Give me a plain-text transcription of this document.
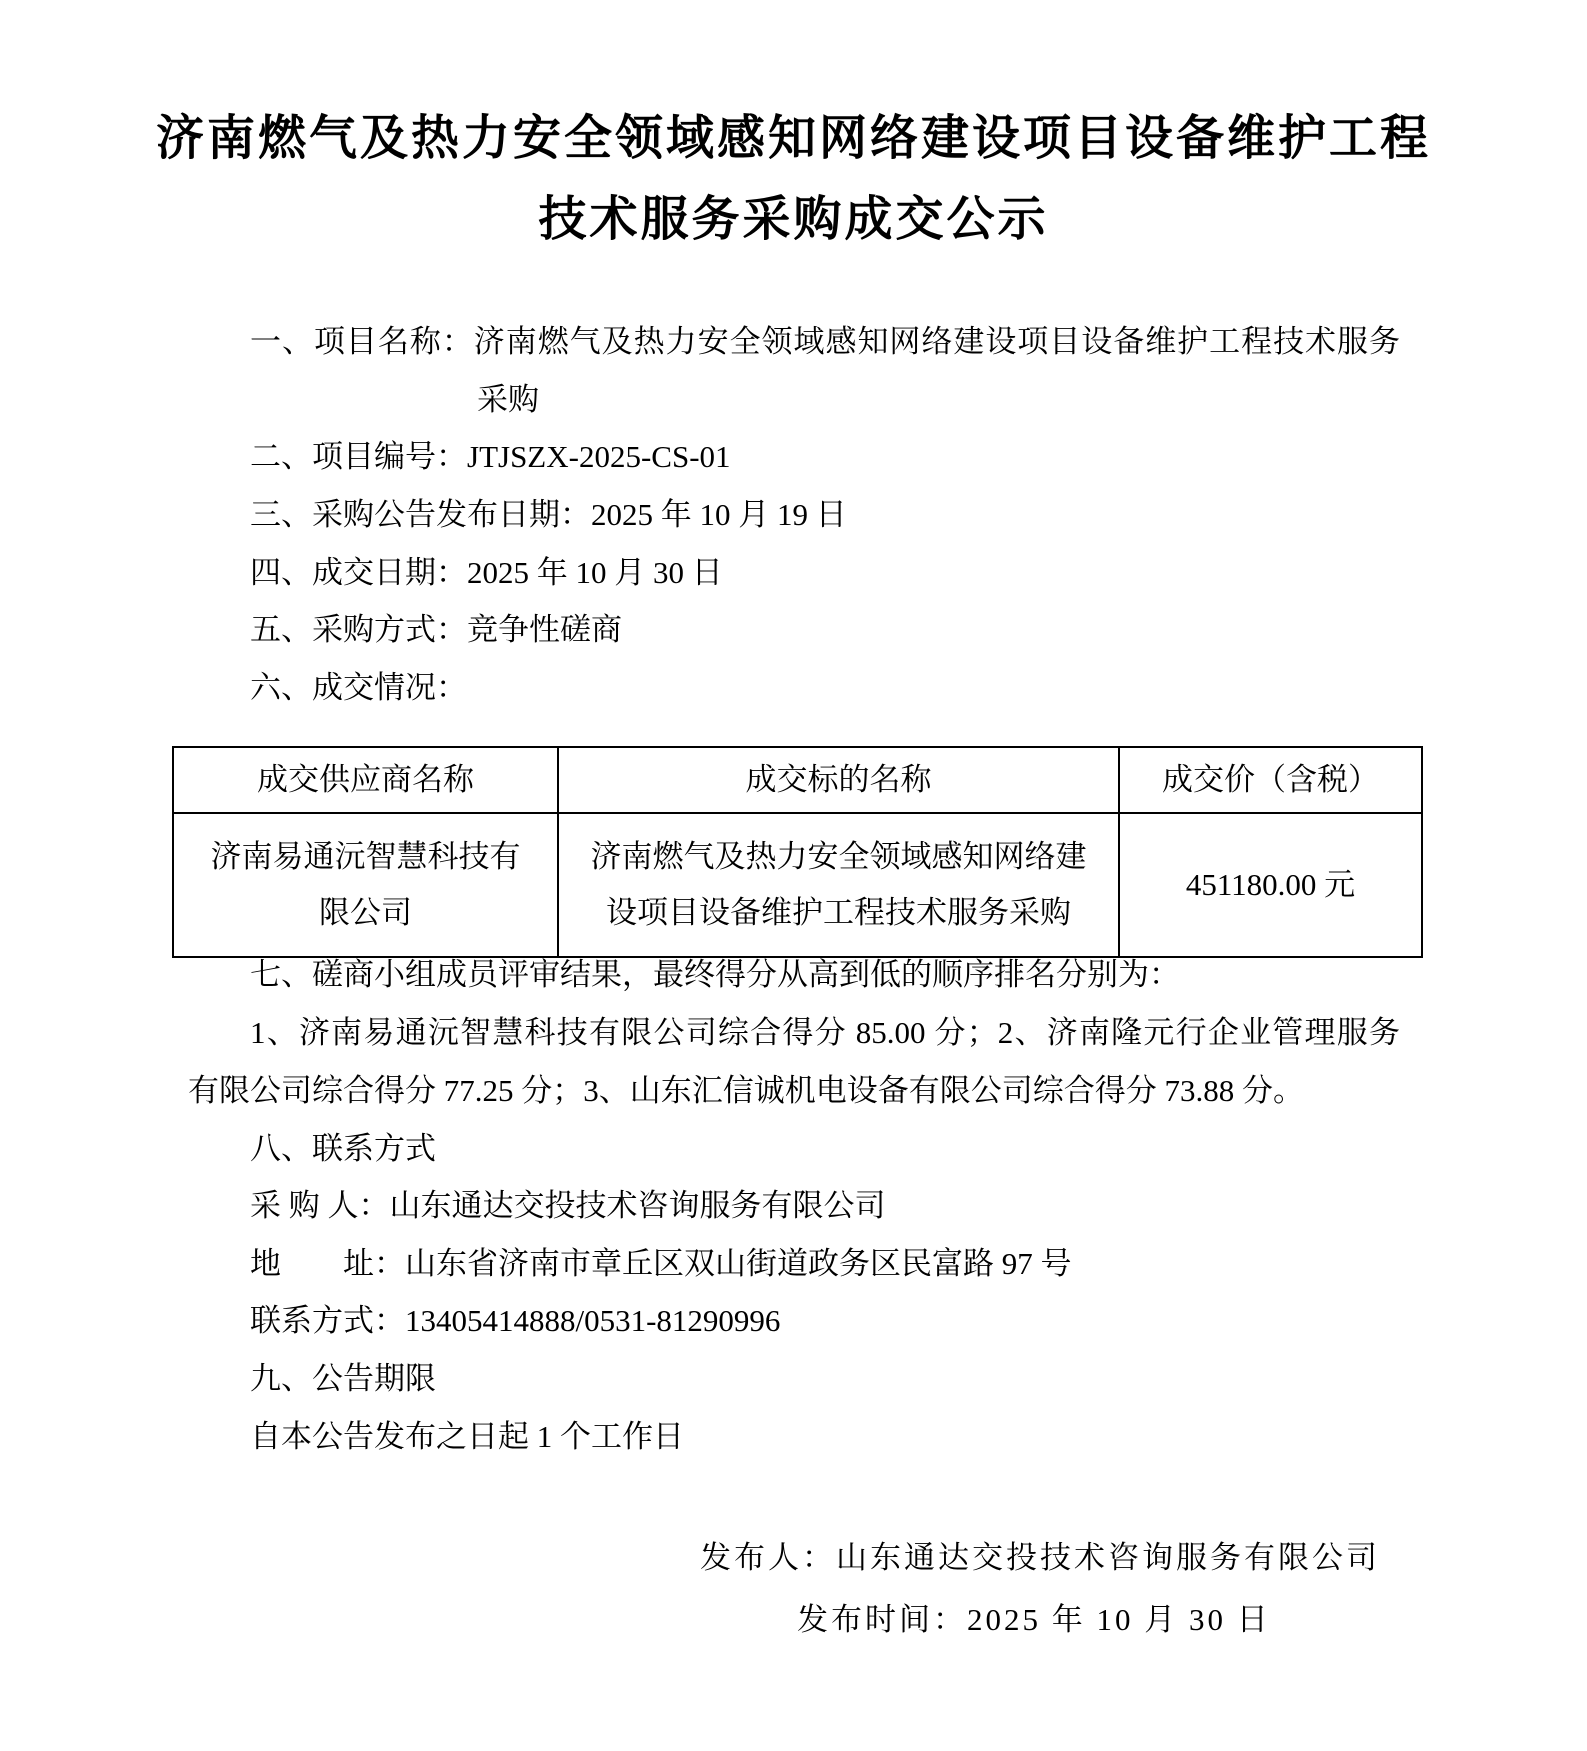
济南燃气及热力安全领域感知网络建设项目设备维护工程
技术服务采购成交公示
一、项目名称：济南燃气及热力安全领域感知网络建设项目设备维护工程技术服务
采购
二、项目编号：JTJSZX-2025-CS-01
三、采购公告发布日期：2025 年 10 月 19 日
四、成交日期：2025 年 10 月 30 日
五、采购方式：竞争性磋商
六、成交情况：
成交供应商名称	成交标的名称	成交价（含税）
济南易通沅智慧科技有限公司	济南燃气及热力安全领域感知网络建设项目设备维护工程技术服务采购	451180.00 元
七、磋商小组成员评审结果，最终得分从高到低的顺序排名分别为：
1、济南易通沅智慧科技有限公司综合得分 85.00 分；2、济南隆元行企业管理服务
有限公司综合得分 77.25 分；3、山东汇信诚机电设备有限公司综合得分 73.88 分。
八、联系方式
采 购 人：山东通达交投技术咨询服务有限公司
地　　址：山东省济南市章丘区双山街道政务区民富路 97 号
联系方式：13405414888/0531-81290996
九、公告期限
自本公告发布之日起 1 个工作日
发布人：山东通达交投技术咨询服务有限公司
发布时间：2025 年 10 月 30 日
